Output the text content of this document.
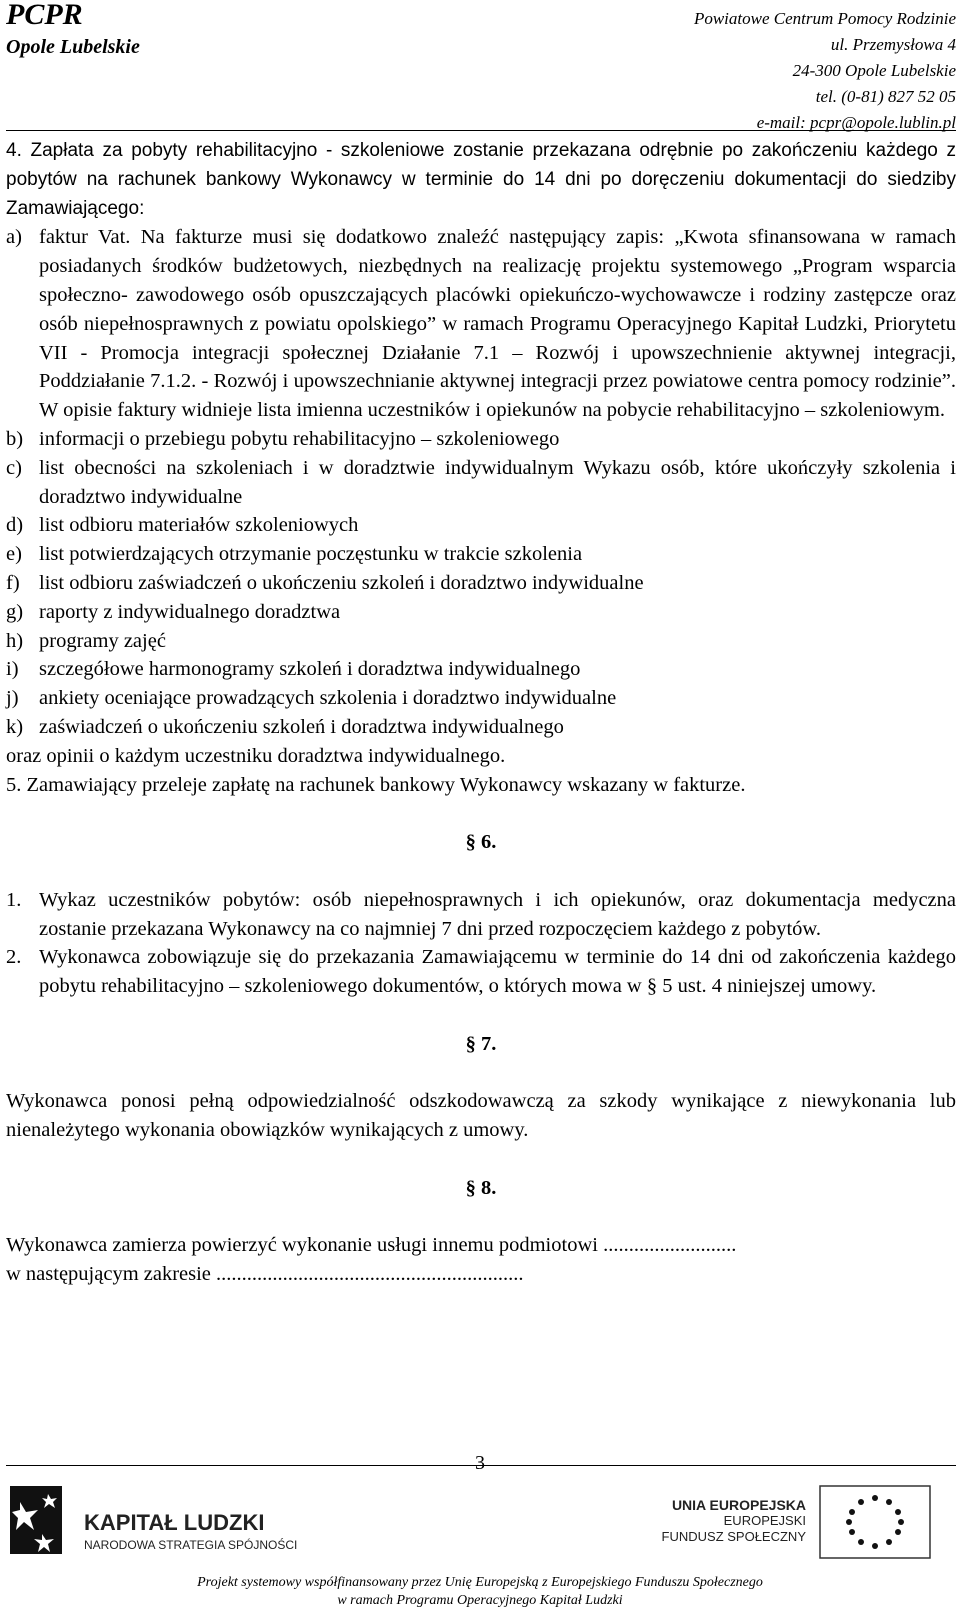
PCPR
Opole Lubelskie
Powiatowe Centrum Pomocy Rodzinie
ul. Przemysłowa 4
24-300 Opole Lubelskie
tel. (0-81) 827 52 05
e-mail: pcpr@opole.lublin.pl

4. Zapłata za pobyty rehabilitacyjno - szkoleniowe zostanie przekazana odrębnie po zakończeniu każdego z pobytów na rachunek bankowy Wykonawcy w terminie do 14 dni po doręczeniu dokumentacji do siedziby Zamawiającego:

a) faktur Vat. Na fakturze musi się dodatkowo znaleźć następujący zapis: „Kwota sfinansowana w ramach posiadanych środków budżetowych, niezbędnych na realizację projektu systemowego „Program wsparcia społeczno- zawodowego osób opuszczających placówki opiekuńczo-wychowawcze i rodziny zastępcze oraz osób niepełnosprawnych z powiatu opolskiego” w ramach Programu Operacyjnego Kapitał Ludzki, Priorytetu VII - Promocja integracji społecznej Działanie 7.1 – Rozwój i upowszechnienie aktywnej integracji, Poddziałanie 7.1.2. - Rozwój i upowszechnianie aktywnej integracji przez powiatowe centra pomocy rodzinie”. W opisie faktury widnieje lista imienna uczestników i opiekunów na pobycie rehabilitacyjno – szkoleniowym.
b) informacji o przebiegu pobytu rehabilitacyjno – szkoleniowego
c) list obecności na szkoleniach i w doradztwie indywidualnym Wykazu osób, które ukończyły szkolenia i doradztwo indywidualne
d) list odbioru materiałów szkoleniowych
e) list potwierdzających otrzymanie poczęstunku w trakcie szkolenia
f) list odbioru zaświadczeń o ukończeniu szkoleń i doradztwo indywidualne
g) raporty z indywidualnego doradztwa
h) programy zajęć
i) szczegółowe harmonogramy szkoleń i doradztwa indywidualnego
j) ankiety oceniające prowadzących szkolenia i doradztwo indywidualne
k) zaświadczeń o ukończeniu szkoleń i doradztwa indywidualnego

oraz opinii o każdym uczestniku doradztwa indywidualnego.

5. Zamawiający przeleje zapłatę na rachunek bankowy Wykonawcy wskazany w fakturze.

§ 6.

1. Wykaz uczestników pobytów: osób niepełnosprawnych i ich opiekunów, oraz dokumentacja medyczna zostanie przekazana Wykonawcy na co najmniej 7 dni przed rozpoczęciem każdego z pobytów.
2. Wykonawca zobowiązuje się do przekazania Zamawiającemu w terminie do 14 dni od zakończenia każdego pobytu rehabilitacyjno – szkoleniowego dokumentów, o których mowa w § 5 ust. 4 niniejszej umowy.

§ 7.

Wykonawca ponosi pełną odpowiedzialność odszkodowawczą za szkody wynikające z niewykonania lub nienależytego wykonania obowiązków wynikających z umowy.

§ 8.

Wykonawca zamierza powierzyć wykonanie usługi innemu podmiotowi ..........................

w następującym zakresie ............................................................

3
KAPITAŁ LUDZKI
NARODOWA STRATEGIA SPÓJNOŚCI
UNIA EUROPEJSKA
EUROPEJSKI
FUNDUSZ SPOŁECZNY
Projekt systemowy współfinansowany przez Unię Europejską z Europejskiego Funduszu Społecznego
w ramach Programu Operacyjnego Kapitał Ludzki
